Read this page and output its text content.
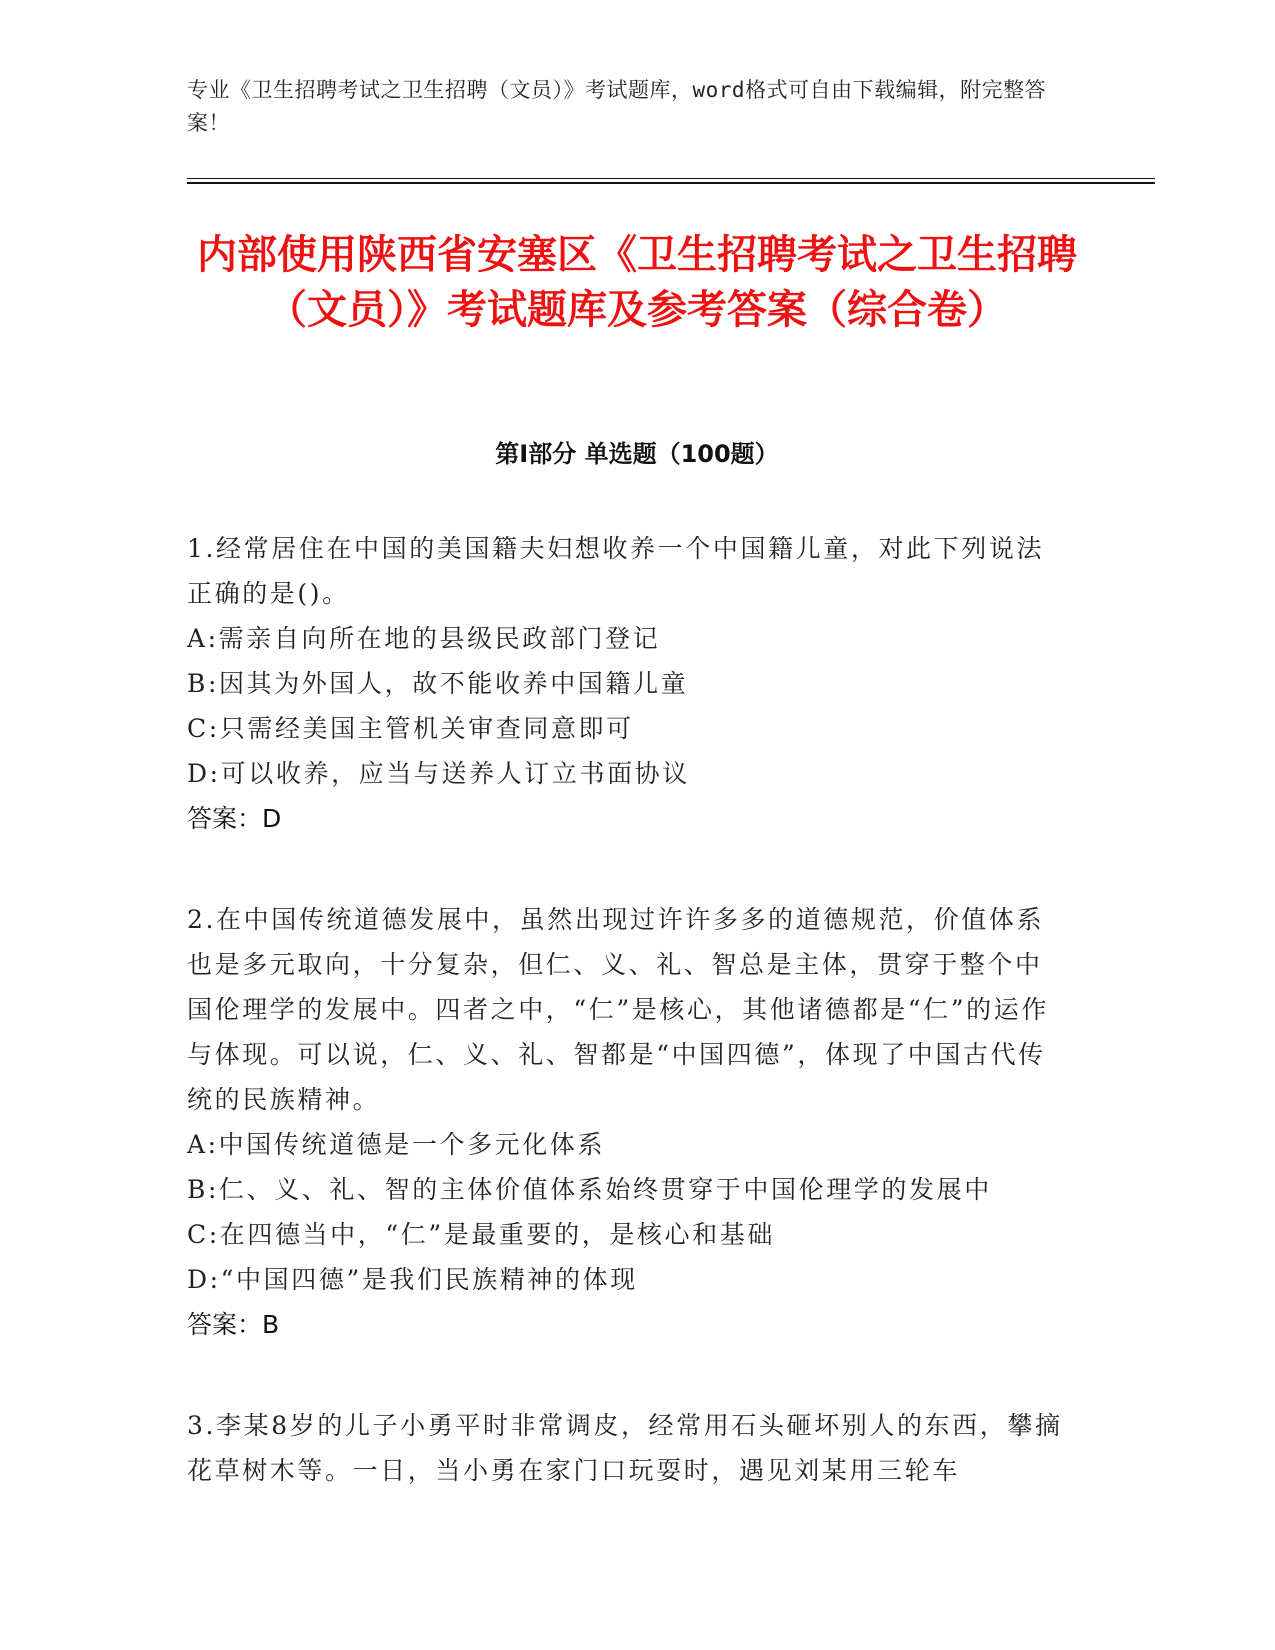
专业《卫生招聘考试之卫生招聘（文员）》考试题库，word格式可自由下载编辑，附完整答案！
内部使用陕西省安塞区《卫生招聘考试之卫生招聘（文员）》考试题库及参考答案（综合卷）
第Ⅰ部分 单选题（100题）

1.经常居住在中国的美国籍夫妇想收养一个中国籍儿童，对此下列说法正确的是()。

A:需亲自向所在地的县级民政部门登记

B:因其为外国人，故不能收养中国籍儿童

C:只需经美国主管机关审查同意即可

D:可以收养，应当与送养人订立书面协议

答案：D

2.在中国传统道德发展中，虽然出现过许许多多的道德规范，价值体系也是多元取向，十分复杂，但仁、义、礼、智总是主体，贯穿于整个中国伦理学的发展中。四者之中，“仁”是核心，其他诸德都是“仁”的运作与体现。可以说，仁、义、礼、智都是“中国四德”，体现了中国古代传统的民族精神。

A:中国传统道德是一个多元化体系

B:仁、义、礼、智的主体价值体系始终贯穿于中国伦理学的发展中

C:在四德当中，“仁”是最重要的，是核心和基础

D:“中国四德”是我们民族精神的体现

答案：B

3.李某8岁的儿子小勇平时非常调皮，经常用石头砸坏别人的东西，攀摘花草树木等。一日，当小勇在家门口玩耍时，遇见刘某用三轮车
